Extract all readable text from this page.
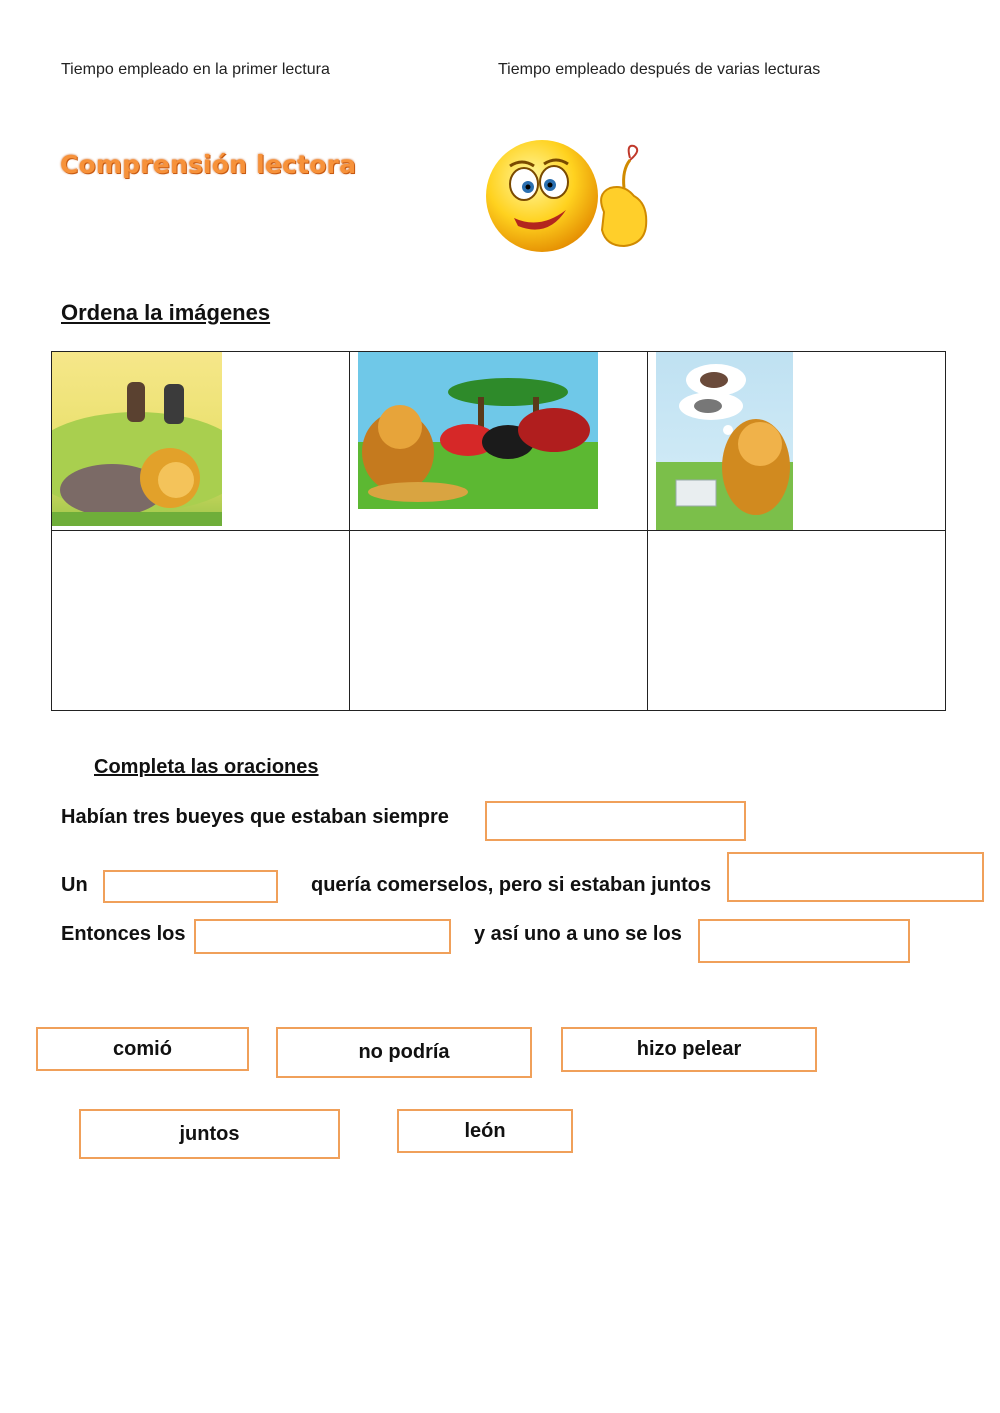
Tiempo empleado en la primer lectura	Tiempo empleado después de varias lecturas
Comprensión lectora
Ordena la imágenes

Completa las oraciones
Habían tres bueyes que estaban siempre
Un	quería comerselos, pero si estaban juntos
Entonces los	y así uno a uno se los
comió	no podría	hizo pelear
juntos	león
